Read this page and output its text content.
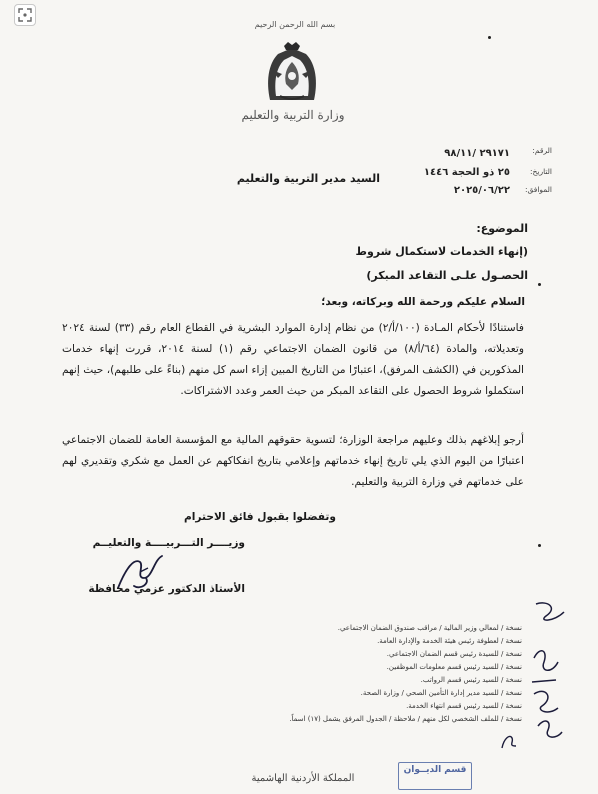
بسم الله الرحمن الرحيم
وزارة التربية والتعليم
الرقم:
٢٩١٧١ /٩٨/١١
التاريخ:
٢٥ ذو الحجة ١٤٤٦
الموافق:
٢٠٢٥/٠٦/٢٢
السيد مدير التربية والتعليم
الموضوع:
(إنهاء الخدمات لاستكمال شروط
الحصـول علـى التقاعد المبكر)
السلام عليكم ورحمة الله وبركاته، وبعد؛
فاستنادًا لأحكام المـادة (١٠٠/أ/٢) من نظام إدارة الموارد البشرية في القطاع العام رقم (٣٣) لسنة ٢٠٢٤ وتعديلاته، والمادة (٦٤/أ/٨) من قانون الضمان الاجتماعي رقم (١) لسنة ٢٠١٤، قررت إنهاء خدمات المذكورين في (الكشف المرفق)، اعتبارًا من التاريخ المبين إزاء اسم كل منهم (بناءً على طلبهم)، حيث إنهم استكملوا شروط الحصول على التقاعد المبكر من حيث العمر وعدد الاشتراكات.
أرجو إبلاغهم بذلك وعليهم مراجعة الوزارة؛ لتسوية حقوقهم المالية مع المؤسسة العامة للضمان الاجتماعي اعتبارًا من اليوم الذي يلي تاريخ إنهاء خدماتهم وإعلامي بتاريخ انفكاكهم عن العمل مع شكري وتقديري لهم على خدماتهم في وزارة التربية والتعليم.
وتفضلوا بقبول فائق الاحترام
وزيــــر التـــربيــــة والتعليــم
الأستاذ الدكتور عزمي محافظة
نسخة / لمعالي وزير المالية / مراقب صندوق الضمان الاجتماعي.
نسخة / لعطوفة رئيس هيئة الخدمة والإدارة العامة.
نسخة / للسيدة رئيس قسم الضمان الاجتماعي.
نسخة / للسيد رئيس قسم معلومات الموظفين.
نسخة / للسيد رئيس قسم الرواتب.
نسخة / للسيد مدير إدارة التأمين الصحي / وزارة الصحة.
نسخة / للسيد رئيس قسم انتهاء الخدمة.
نسخة / للملف الشخصي لكل منهم / ملاحظة / الجدول المرفق يشمل (١٧) اسماً.
قسم الديــوان
المملكة الأردنية الهاشمية
